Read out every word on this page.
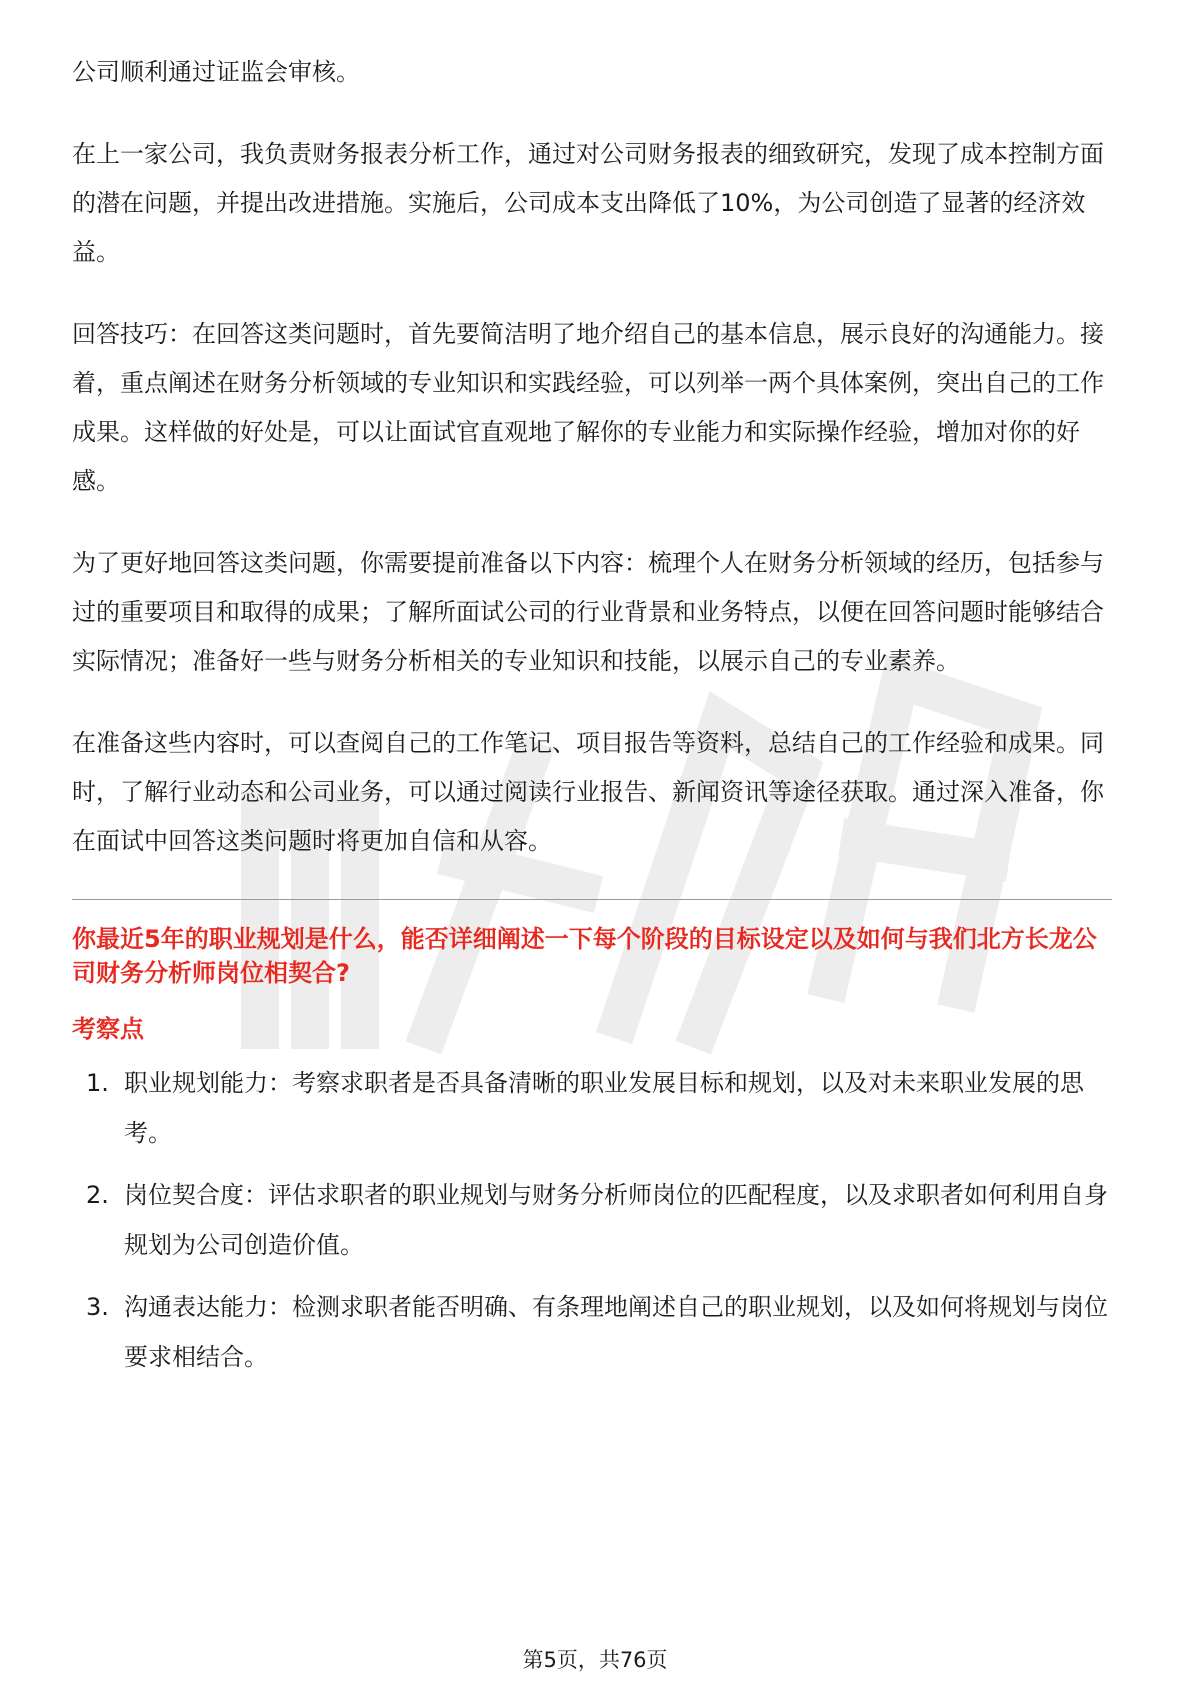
公司顺利通过证监会审核。

在上一家公司，我负责财务报表分析工作，通过对公司财务报表的细致研究，发现了成本控制方面的潜在问题，并提出改进措施。实施后，公司成本支出降低了10%，为公司创造了显著的经济效益。

回答技巧：在回答这类问题时，首先要简洁明了地介绍自己的基本信息，展示良好的沟通能力。接着，重点阐述在财务分析领域的专业知识和实践经验，可以列举一两个具体案例，突出自己的工作成果。这样做的好处是，可以让面试官直观地了解你的专业能力和实际操作经验，增加对你的好感。

为了更好地回答这类问题，你需要提前准备以下内容：梳理个人在财务分析领域的经历，包括参与过的重要项目和取得的成果；了解所面试公司的行业背景和业务特点，以便在回答问题时能够结合实际情况；准备好一些与财务分析相关的专业知识和技能，以展示自己的专业素养。

在准备这些内容时，可以查阅自己的工作笔记、项目报告等资料，总结自己的工作经验和成果。同时，了解行业动态和公司业务，可以通过阅读行业报告、新闻资讯等途径获取。通过深入准备，你在面试中回答这类问题时将更加自信和从容。

你最近5年的职业规划是什么，能否详细阐述一下每个阶段的目标设定以及如何与我们北方长龙公司财务分析师岗位相契合?
考察点
1. 职业规划能力：考察求职者是否具备清晰的职业发展目标和规划，以及对未来职业发展的思考。
2. 岗位契合度：评估求职者的职业规划与财务分析师岗位的匹配程度，以及求职者如何利用自身规划为公司创造价值。
3. 沟通表达能力：检测求职者能否明确、有条理地阐述自己的职业规划，以及如何将规划与岗位要求相结合。
第5页，共76页
